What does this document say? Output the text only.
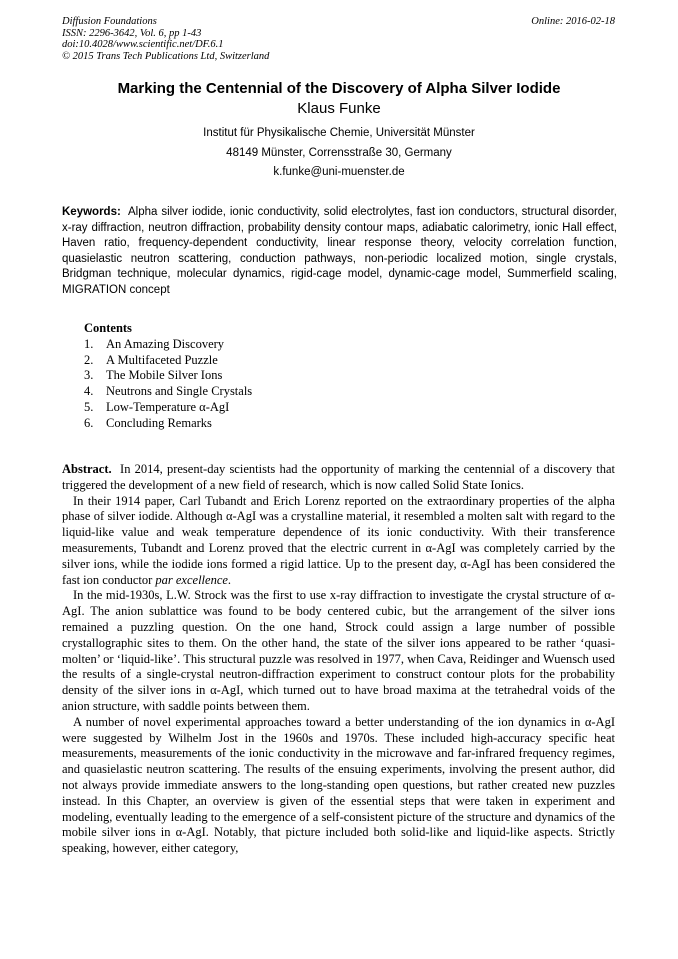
Diffusion Foundations
ISSN: 2296-3642, Vol. 6, pp 1-43
doi:10.4028/www.scientific.net/DF.6.1
© 2015 Trans Tech Publications Ltd, Switzerland
Online: 2016-02-18
Marking the Centennial of the Discovery of Alpha Silver Iodide
Klaus Funke
Institut für Physikalische Chemie, Universität Münster
48149 Münster, Corrensstraße 30, Germany
k.funke@uni-muenster.de
Keywords: Alpha silver iodide, ionic conductivity, solid electrolytes, fast ion conductors, structural disorder, x-ray diffraction, neutron diffraction, probability density contour maps, adiabatic calorimetry, ionic Hall effect, Haven ratio, frequency-dependent conductivity, linear response theory, velocity correlation function, quasielastic neutron scattering, conduction pathways, non-periodic localized motion, single crystals, Bridgman technique, molecular dynamics, rigid-cage model, dynamic-cage model, Summerfield scaling, MIGRATION concept
Contents
1.	An Amazing Discovery
2.	A Multifaceted Puzzle
3.	The Mobile Silver Ions
4.	Neutrons and Single Crystals
5.	Low-Temperature α-AgI
6.	Concluding Remarks

Abstract. In 2014, present-day scientists had the opportunity of marking the centennial of a discovery that triggered the development of a new field of research, which is now called Solid State Ionics.

In their 1914 paper, Carl Tubandt and Erich Lorenz reported on the extraordinary properties of the alpha phase of silver iodide. Although α-AgI was a crystalline material, it resembled a molten salt with regard to the liquid-like value and weak temperature dependence of its ionic conductivity. With their transference measurements, Tubandt and Lorenz proved that the electric current in α-AgI was completely carried by the silver ions, while the iodide ions formed a rigid lattice. Up to the present day, α-AgI has been considered the fast ion conductor par excellence.

In the mid-1930s, L.W. Strock was the first to use x-ray diffraction to investigate the crystal structure of α-AgI. The anion sublattice was found to be body centered cubic, but the arrangement of the silver ions remained a puzzling question. On the one hand, Strock could assign a large number of possible crystallographic sites to them. On the other hand, the state of the silver ions appeared to be rather ‘quasi-molten’ or ‘liquid-like’. This structural puzzle was resolved in 1977, when Cava, Reidinger and Wuensch used the results of a single-crystal neutron-diffraction experiment to construct contour plots for the probability density of the silver ions in α-AgI, which turned out to have broad maxima at the tetrahedral voids of the anion structure, with saddle points between them.

A number of novel experimental approaches toward a better understanding of the ion dynamics in α-AgI were suggested by Wilhelm Jost in the 1960s and 1970s. These included high-accuracy specific heat measurements, measurements of the ionic conductivity in the microwave and far-infrared frequency regimes, and quasielastic neutron scattering. The results of the ensuing experiments, involving the present author, did not always provide immediate answers to the long-standing open questions, but rather created new puzzles instead. In this Chapter, an overview is given of the essential steps that were taken in experiment and modeling, eventually leading to the emergence of a self-consistent picture of the structure and dynamics of the mobile silver ions in α-AgI. Notably, that picture included both solid-like and liquid-like aspects. Strictly speaking, however, either category,
